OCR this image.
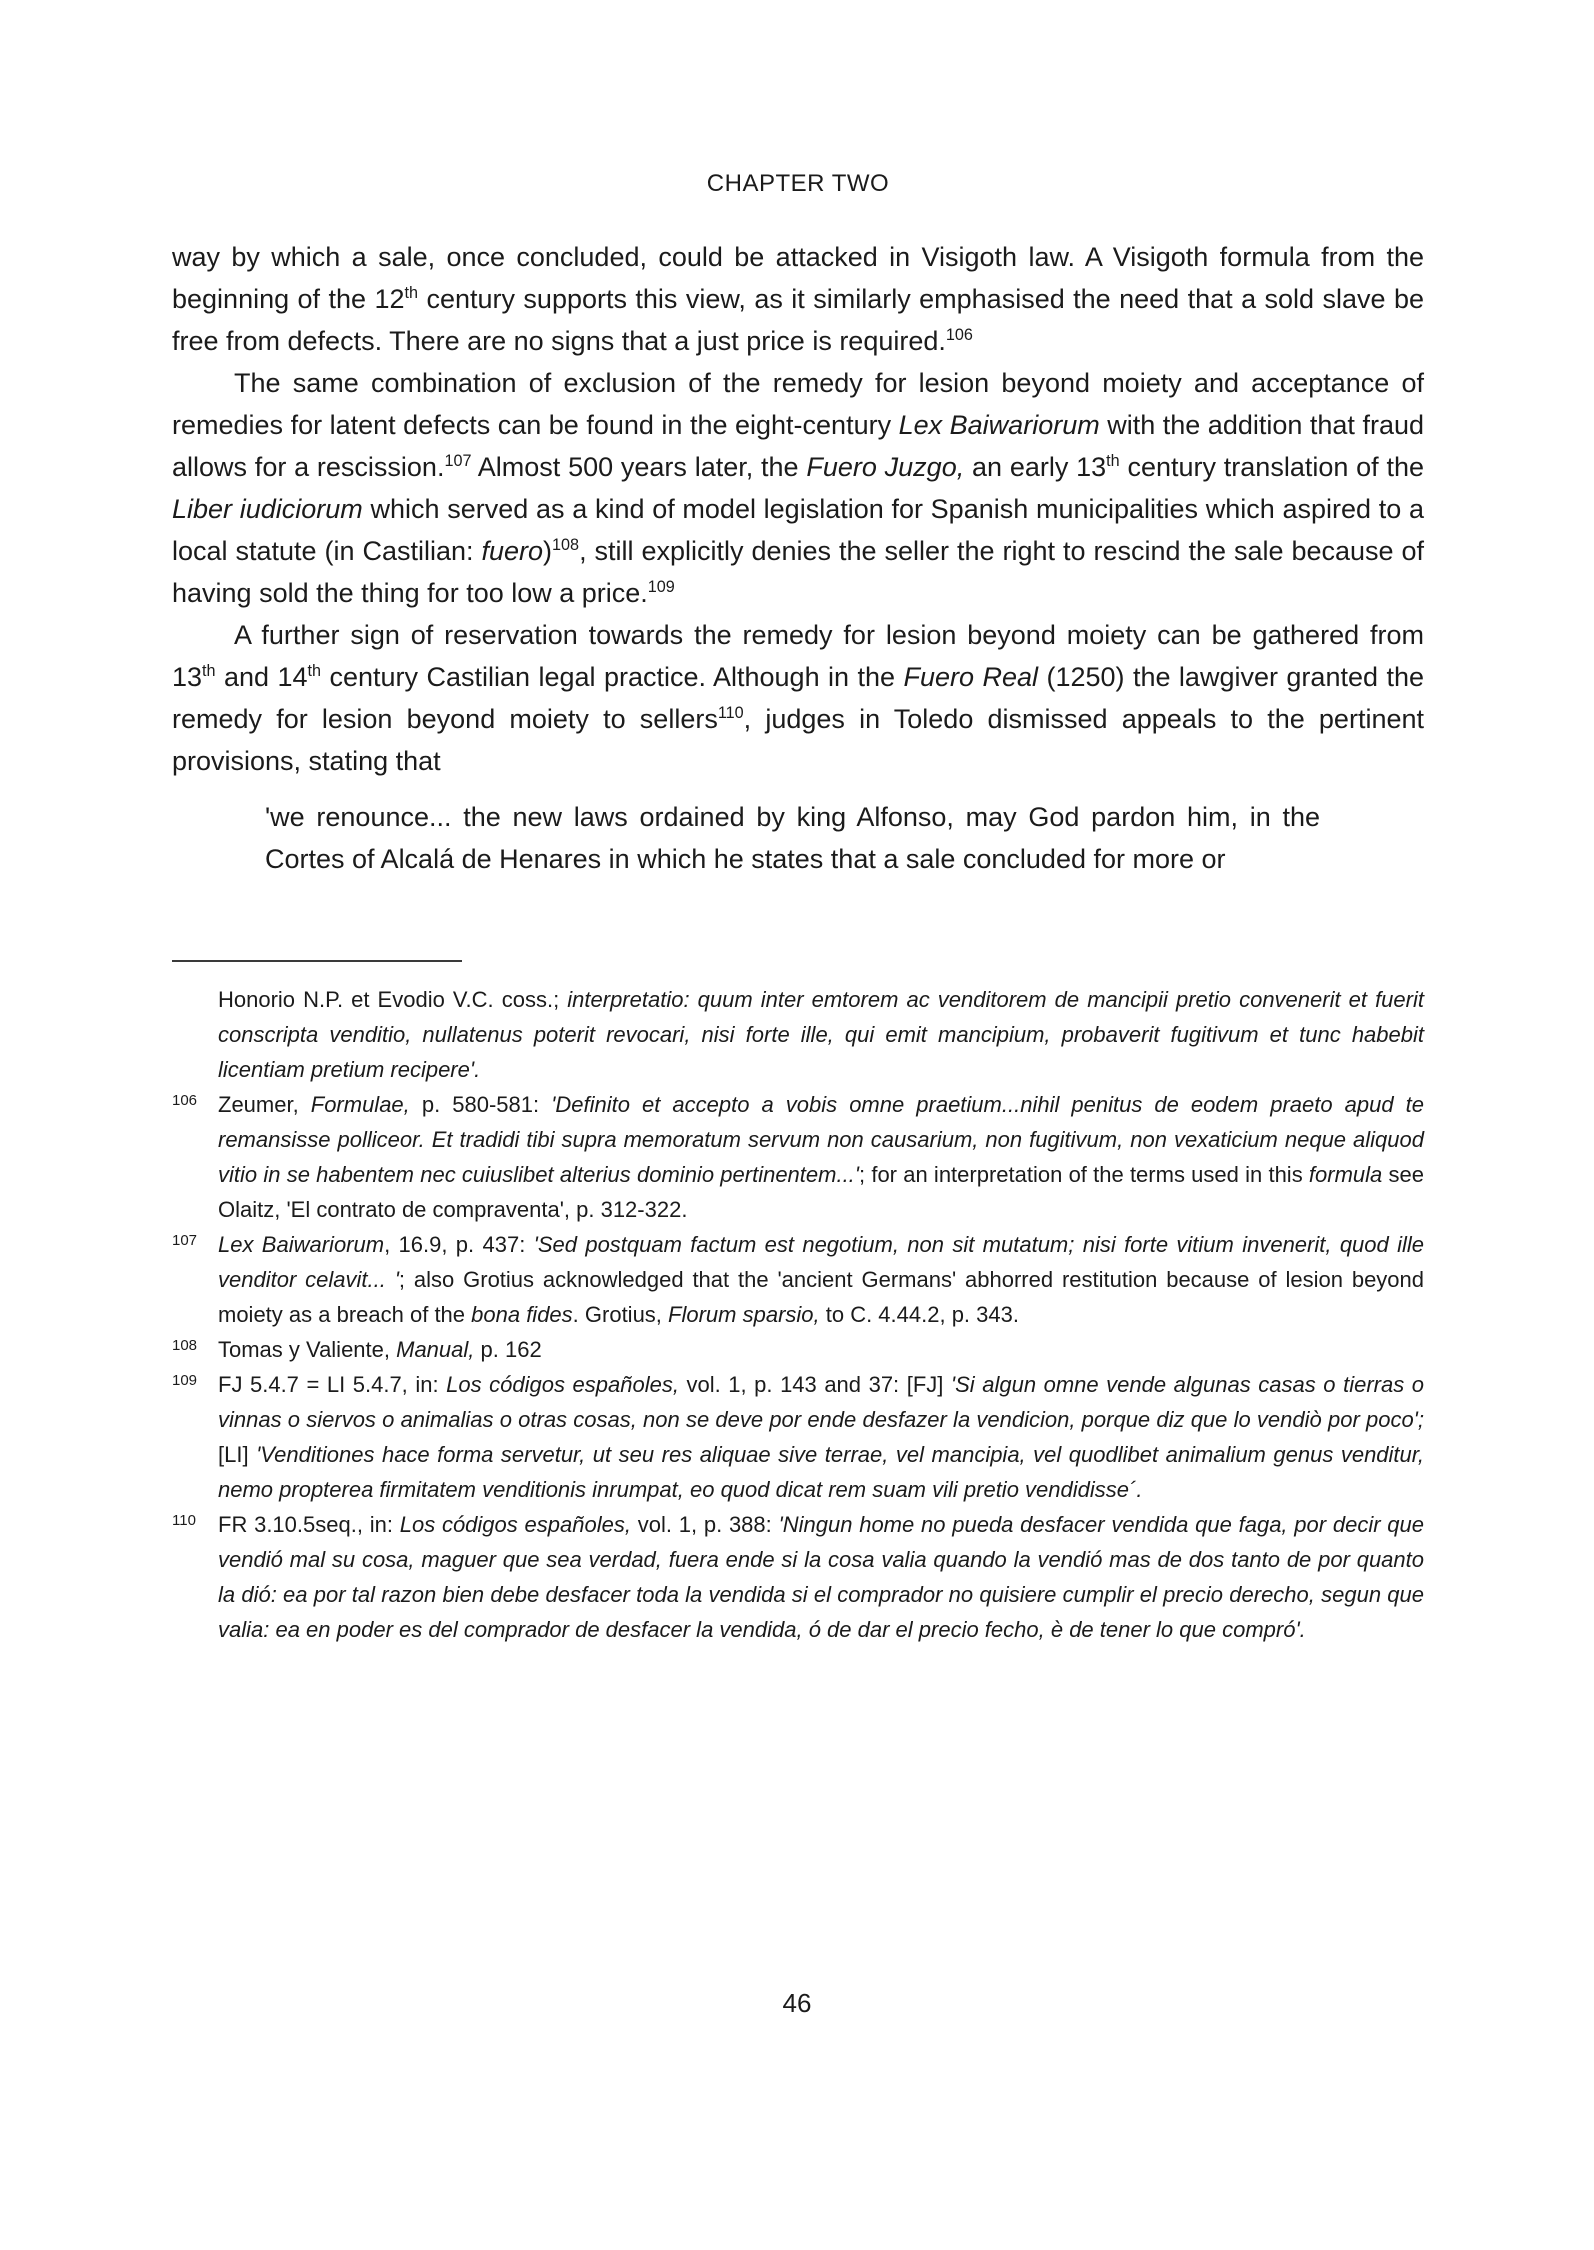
CHAPTER TWO

way by which a sale, once concluded, could be attacked in Visigoth law. A Visigoth formula from the beginning of the 12th century supports this view, as it similarly emphasised the need that a sold slave be free from defects. There are no signs that a just price is required.$^{106}$

The same combination of exclusion of the remedy for lesion beyond moiety and acceptance of remedies for latent defects can be found in the eight-century Lex Baiwariorum with the addition that fraud allows for a rescission.$^{107}$ Almost 500 years later, the Fuero Juzgo, an early 13th century translation of the Liber iudiciorum which served as a kind of model legislation for Spanish municipalities which aspired to a local statute (in Castilian: fuero)$^{108}$, still explicitly denies the seller the right to rescind the sale because of having sold the thing for too low a price.$^{109}$

A further sign of reservation towards the remedy for lesion beyond moiety can be gathered from 13th and 14th century Castilian legal practice. Although in the Fuero Real (1250) the lawgiver granted the remedy for lesion beyond moiety to sellers$^{110}$, judges in Toledo dismissed appeals to the pertinent provisions, stating that

'we renounce... the new laws ordained by king Alfonso, may God pardon him, in the Cortes of Alcalá de Henares in which he states that a sale concluded for more or
Honorio N.P. et Evodio V.C. coss.; interpretatio: quum inter emtorem ac venditorem de mancipii pretio convenerit et fuerit conscripta venditio, nullatenus poterit revocari, nisi forte ille, qui emit mancipium, probaverit fugitivum et tunc habebit licentiam pretium recipere'.
106 Zeumer, Formulae, p. 580-581: 'Definito et accepto a vobis omne praetium...nihil penitus de eodem praeto apud te remansisse polliceor. Et tradidi tibi supra memoratum servum non causarium, non fugitivum, non vexaticium neque aliquod vitio in se habentem nec cuiuslibet alterius dominio pertinentem...'; for an interpretation of the terms used in this formula see Olaitz, 'El contrato de compraventa', p. 312-322.
107 Lex Baiwariorum, 16.9, p. 437: 'Sed postquam factum est negotium, non sit mutatum; nisi forte vitium invenerit, quod ille venditor celavit... '; also Grotius acknowledged that the 'ancient Germans' abhorred restitution because of lesion beyond moiety as a breach of the bona fides. Grotius, Florum sparsio, to C. 4.44.2, p. 343.
108 Tomas y Valiente, Manual, p. 162
109 FJ 5.4.7 = LI 5.4.7, in: Los códigos españoles, vol. 1, p. 143 and 37: [FJ] 'Si algun omne vende algunas casas o tierras o vinnas o siervos o animalias o otras cosas, non se deve por ende desfazer la vendicion, porque diz que lo vendiò por poco'; [LI] 'Venditiones hace forma servetur, ut seu res aliquae sive terrae, vel mancipia, vel quodlibet animalium genus venditur, nemo propterea firmitatem venditionis inrumpat, eo quod dicat rem suam vili pretio vendidisse´.
110	FR 3.10.5seq., in: Los códigos españoles, vol. 1, p. 388: 'Ningun home no pueda desfacer vendida que faga, por decir que vendió mal su cosa, maguer que sea verdad, fuera ende si la cosa valia quando la vendió mas de dos tanto de por quanto la dió: ea por tal razon bien debe desfacer toda la vendida si el comprador no quisiere cumplir el precio derecho, segun que valia: ea en poder es del comprador de desfacer la vendida, ó de dar el precio fecho, è de tener lo que compró'.
46
